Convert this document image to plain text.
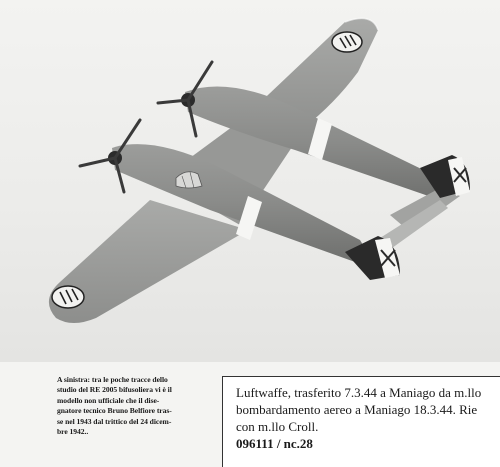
A sinistra: tra le poche tracce dello
studio del RE 2005 bifusoliera vi è il
modello non ufficiale che il dise-
gnatore tecnico Bruno Belfiore tras-
se nel 1943 dal trittico del 24 dicem-
bre 1942..
Luftwaffe, trasferito 7.3.44 a Maniago da m.llo
bombardamento aereo a Maniago 18.3.44. Rie
con m.llo Croll.
096111 / nc.28
